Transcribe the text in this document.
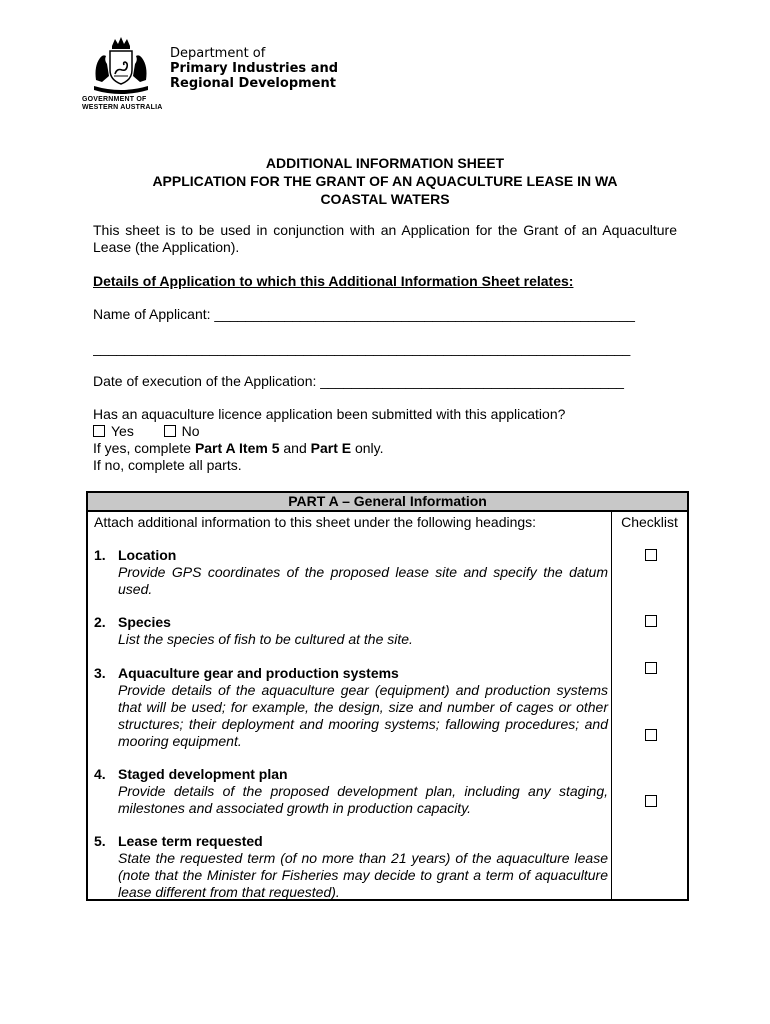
GOVERNMENT OF
WESTERN AUSTRALIA
Department of
Primary Industries and
Regional Development
ADDITIONAL INFORMATION SHEET
APPLICATION FOR THE GRANT OF AN AQUACULTURE LEASE IN WA
COASTAL WATERS
This sheet is to be used in conjunction with an Application for the Grant of an Aquaculture Lease (the Application).
Details of Application to which this Additional Information Sheet relates:
Name of Applicant: ______________________________________________________
_____________________________________________________________________
Date of execution of the Application: _______________________________________
Has an aquaculture licence application been submitted with this application?
Yes	No
If yes, complete Part A Item 5 and Part E only.
If no, complete all parts.
PART A – General Information
Attach additional information to this sheet under the following headings:	Checklist
1. Location
Provide GPS coordinates of the proposed lease site and specify the datum used.
2. Species
List the species of fish to be cultured at the site.
3. Aquaculture gear and production systems
Provide details of the aquaculture gear (equipment) and production systems that will be used; for example, the design, size and number of cages or other structures; their deployment and mooring systems; fallowing procedures; and mooring equipment.
4. Staged development plan
Provide details of the proposed development plan, including any staging, milestones and associated growth in production capacity.
5. Lease term requested
State the requested term (of no more than 21 years) of the aquaculture lease (note that the Minister for Fisheries may decide to grant a term of aquaculture lease different from that requested).
